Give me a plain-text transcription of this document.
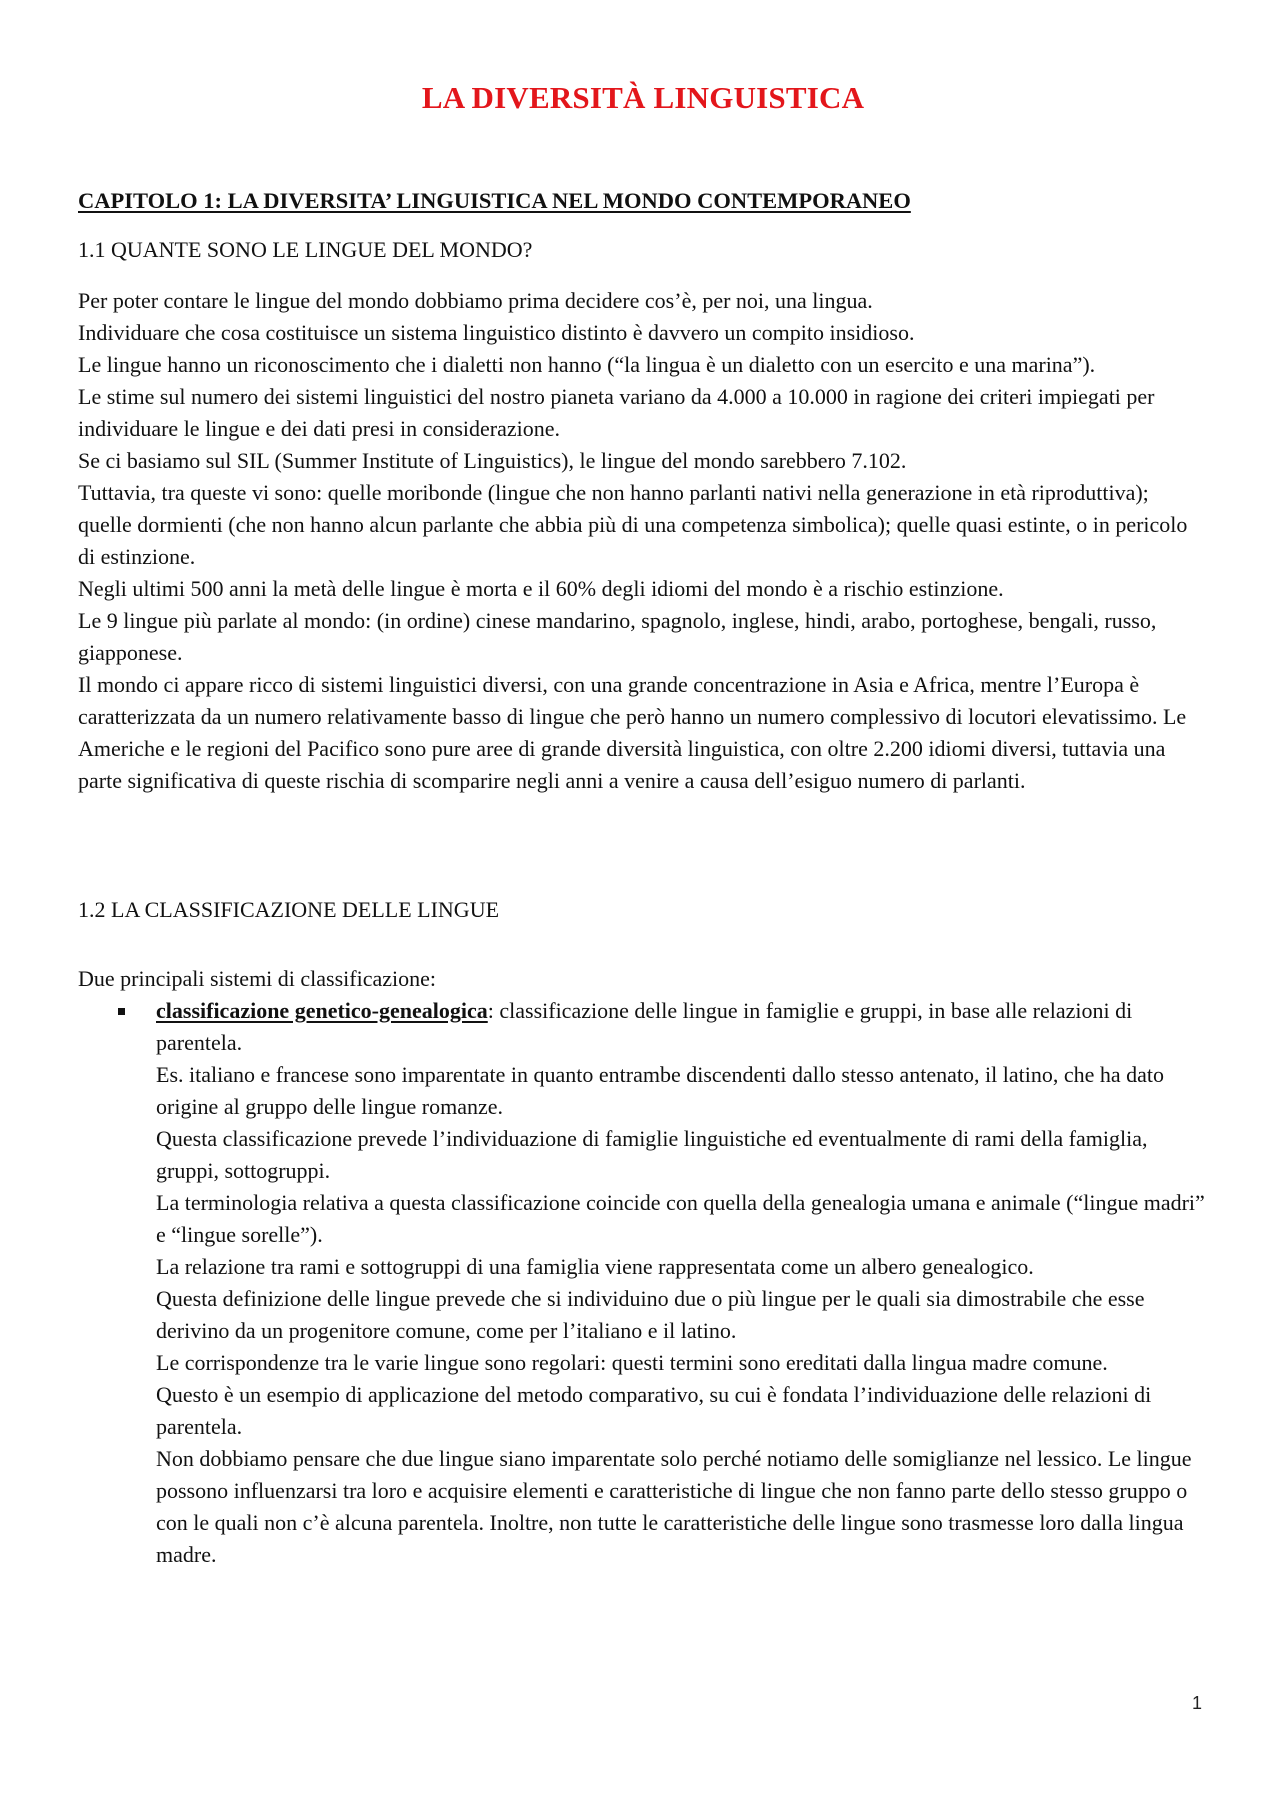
LA DIVERSITÀ LINGUISTICA
CAPITOLO 1: LA DIVERSITA’ LINGUISTICA NEL MONDO CONTEMPORANEO
1.1 QUANTE SONO LE LINGUE DEL MONDO?

Per poter contare le lingue del mondo dobbiamo prima decidere cos’è, per noi, una lingua.

Individuare che cosa costituisce un sistema linguistico distinto è davvero un compito insidioso.

Le lingue hanno un riconoscimento che i dialetti non hanno (“la lingua è un dialetto con un esercito e una marina”).

Le stime sul numero dei sistemi linguistici del nostro pianeta variano da 4.000 a 10.000 in ragione dei criteri impiegati per individuare le lingue e dei dati presi in considerazione.

Se ci basiamo sul SIL (Summer Institute of Linguistics), le lingue del mondo sarebbero 7.102.

Tuttavia, tra queste vi sono: quelle moribonde (lingue che non hanno parlanti nativi nella generazione in età riproduttiva); quelle dormienti (che non hanno alcun parlante che abbia più di una competenza simbolica); quelle quasi estinte, o in pericolo di estinzione.

Negli ultimi 500 anni la metà delle lingue è morta e il 60% degli idiomi del mondo è a rischio estinzione.

Le 9 lingue più parlate al mondo: (in ordine) cinese mandarino, spagnolo, inglese, hindi, arabo, portoghese, bengali, russo, giapponese.

Il mondo ci appare ricco di sistemi linguistici diversi, con una grande concentrazione in Asia e Africa, mentre l’Europa è caratterizzata da un numero relativamente basso di lingue che però hanno un numero complessivo di locutori elevatissimo. Le Americhe e le regioni del Pacifico sono pure aree di grande diversità linguistica, con oltre 2.200 idiomi diversi, tuttavia una parte significativa di queste rischia di scomparire negli anni a venire a causa dell’esiguo numero di parlanti.

1.2 LA CLASSIFICAZIONE DELLE LINGUE

Due principali sistemi di classificazione:

classificazione genetico-genealogica: classificazione delle lingue in famiglie e gruppi, in base alle relazioni di parentela.

Es. italiano e francese sono imparentate in quanto entrambe discendenti dallo stesso antenato, il latino, che ha dato origine al gruppo delle lingue romanze.

Questa classificazione prevede l’individuazione di famiglie linguistiche ed eventualmente di rami della famiglia, gruppi, sottogruppi.

La terminologia relativa a questa classificazione coincide con quella della genealogia umana e animale (“lingue madri” e “lingue sorelle”).

La relazione tra rami e sottogruppi di una famiglia viene rappresentata come un albero genealogico.

Questa definizione delle lingue prevede che si individuino due o più lingue per le quali sia dimostrabile che esse derivino da un progenitore comune, come per l’italiano e il latino.

Le corrispondenze tra le varie lingue sono regolari: questi termini sono ereditati dalla lingua madre comune.

Questo è un esempio di applicazione del metodo comparativo, su cui è fondata l’individuazione delle relazioni di parentela.

Non dobbiamo pensare che due lingue siano imparentate solo perché notiamo delle somiglianze nel lessico. Le lingue possono influenzarsi tra loro e acquisire elementi e caratteristiche di lingue che non fanno parte dello stesso gruppo o con le quali non c’è alcuna parentela. Inoltre, non tutte le caratteristiche delle lingue sono trasmesse loro dalla lingua madre.

1
